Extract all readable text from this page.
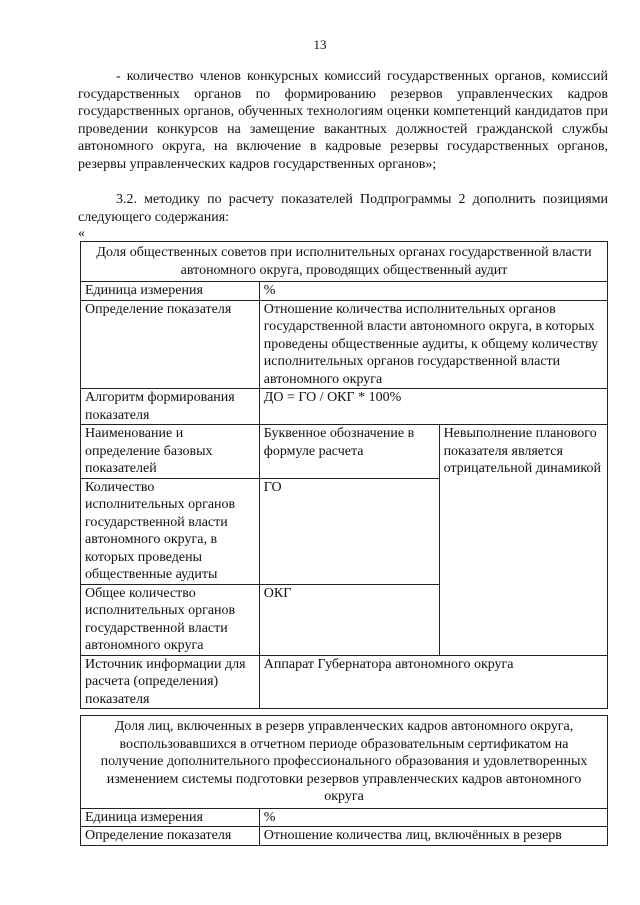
13
- количество членов конкурсных комиссий государственных органов, комиссий государственных органов по формированию резервов управленческих кадров государственных органов, обученных технологиям оценки компетенций кандидатов при проведении конкурсов на замещение вакантных должностей гражданской службы автономного округа, на включение в кадровые резервы государственных органов, резервы управленческих кадров государственных органов»;
3.2. методику по расчету показателей Подпрограммы 2 дополнить позициями следующего содержания:
«
Доля общественных советов при исполнительных органах государственной власти автономного округа, проводящих общественный аудит		
Единица измерения	%	
Определение показателя	Отношение количества исполнительных органов государственной власти автономного округа, в которых проведены общественные аудиты, к общему количеству исполнительных органов государственной власти автономного округа	
Алгоритм формирования показателя	ДО = ГО / ОКГ * 100%	
Наименование и определение базовых показателей	Буквенное обозначение в формуле расчета	Невыполнение планового показателя является отрицательной динамикой
Количество исполнительных органов государственной власти автономного округа, в которых проведены общественные аудиты	ГО	
Общее количество исполнительных органов государственной власти автономного округа	ОКГ	
Источник информации для расчета (определения) показателя	Аппарат Губернатора автономного округа	
Доля лиц, включенных в резерв управленческих кадров автономного округа, воспользовавшихся в отчетном периоде образовательным сертификатом на получение дополнительного профессионального образования и удовлетворенных изменением системы подготовки резервов управленческих кадров автономного округа	
Единица измерения	%
Определение показателя	Отношение количества лиц, включённых в резерв
